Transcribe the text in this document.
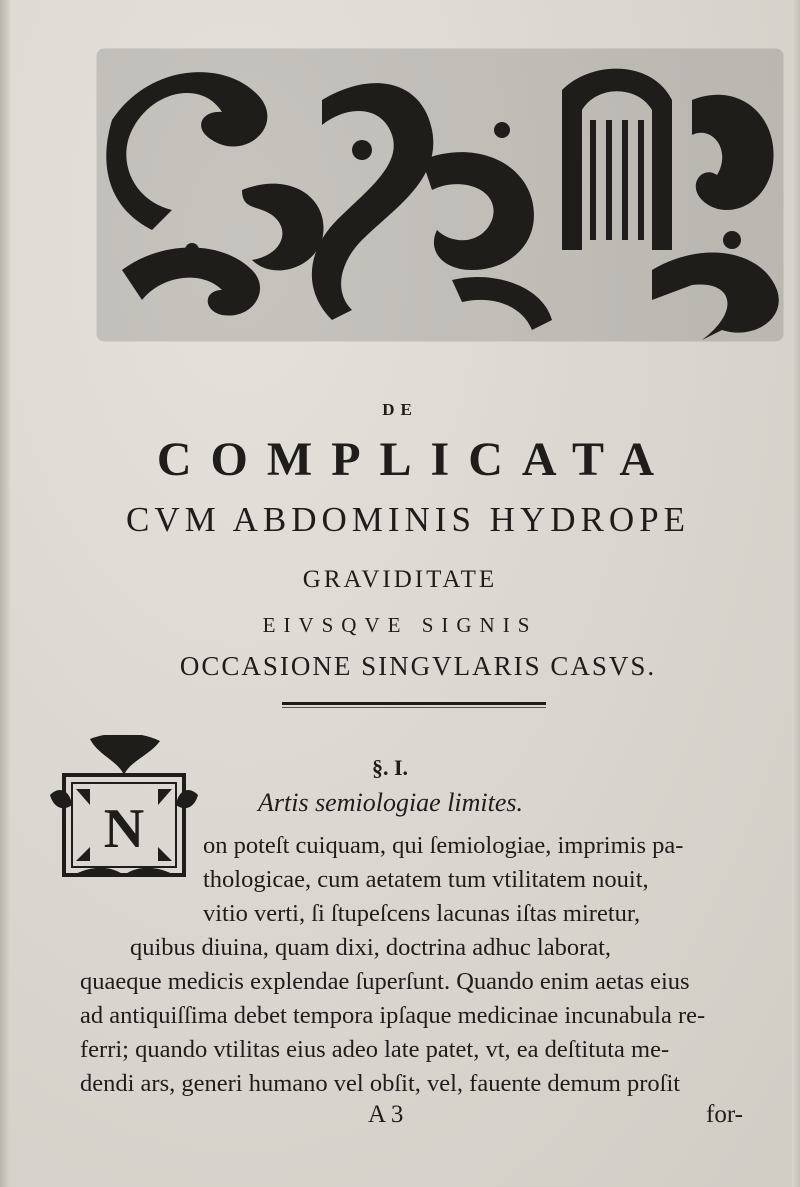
DE
COMPLICATA
CVM ABDOMINIS HYDROPE
GRAVIDITATE
EIVSQVE SIGNIS
OCCASIONE SINGVLARIS CASVS.
§. I.
Artis semiologiae limites.
N on poteſt cuiquam, qui ſemiologiae, imprimis pa-
thologicae, cum aetatem tum vtilitatem nouit,
vitio verti, ſi ſtupeſcens lacunas iſtas miretur,
quibus diuina, quam dixi, doctrina adhuc laborat,
quaeque medicis explendae ſuperſunt. Quando enim aetas eius
ad antiquiſſima debet tempora ipſaque medicinae incunabula re-
ferri; quando vtilitas eius adeo late patet, vt, ea deſtituta me-
dendi ars, generi humano vel obſit, vel, fauente demum proſit
A 3	for-
